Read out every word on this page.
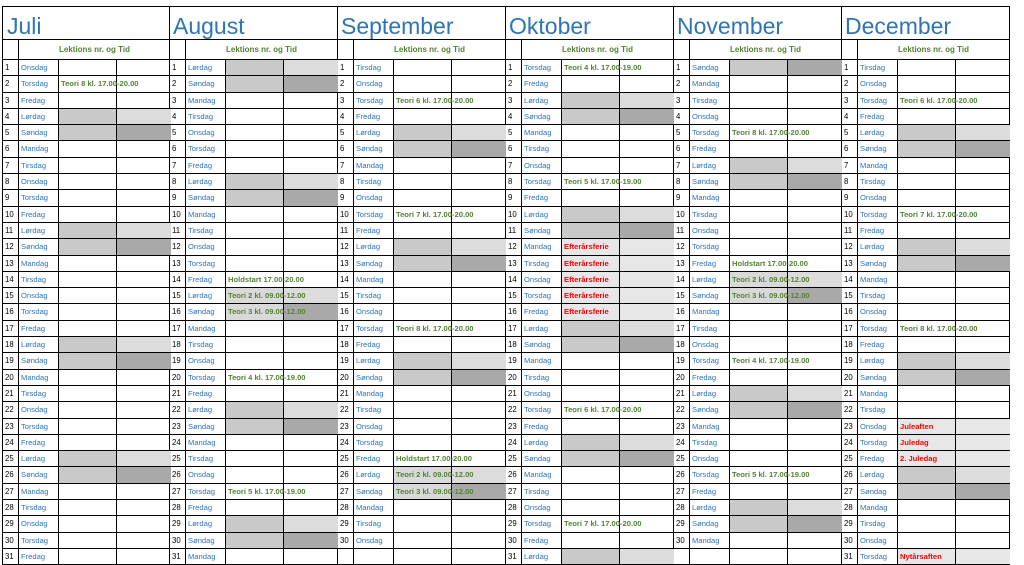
Juli
Lektions nr. og Tid
1	Onsdag
2	Torsdag	Teori 8 kl. 17.00-20.00
3	Fredag
4	Lørdag
5	Søndag
6	Mandag
7	Tirsdag
8	Onsdag
9	Torsdag
10 Fredag
11	Lørdag
12 Søndag
13 Mandag
14 Tirsdag
15 Onsdag
16 Torsdag
17 Fredag
18 Lørdag
19 Søndag
20 Mandag
21 Tirsdag
22 Onsdag
23 Torsdag
24 Fredag
25 Lørdag
26 Søndag
27 Mandag
28 Tirsdag
29 Onsdag
30 Torsdag
31 Fredag
August
Lektions nr. og Tid
1	Lørdag
2	Søndag
3	Mandag
4	Tirsdag
5	Onsdag
6	Torsdag
7	Fredag
8	Lørdag
9	Søndag
10 Mandag
11	Tirsdag
12 Onsdag
13 Torsdag
14 Fredag	Holdstart 17.00-20.00
15 Lørdag	Teori 2 kl. 09.00-12.00
16 Søndag	Teori 3 kl. 09.00-12.00
17 Mandag
18 Tirsdag
19 Onsdag
20 Torsdag	Teori 4 kl. 17.00-19.00
21 Fredag
22 Lørdag
23 Søndag
24 Mandag
25 Tirsdag
26 Onsdag
27 Torsdag	Teori 5 kl. 17.00-19.00
28 Fredag
29 Lørdag
30 Søndag
31 Mandag
September
Lektions nr. og Tid
1	Tirsdag
2	Onsdag
3	Torsdag	Teori 6 kl. 17.00-20.00
4	Fredag
5	Lørdag
6	Søndag
7	Mandag
8	Tirsdag
9	Onsdag
10 Torsdag	Teori 7 kl. 17.00-20.00
11	Fredag
12 Lørdag
13 Søndag
14 Mandag
15 Tirsdag
16 Onsdag
17 Torsdag	Teori 8 kl. 17.00-20.00
18 Fredag
19 Lørdag
20 Søndag
21 Mandag
22 Tirsdag
23 Onsdag
24 Torsdag
25 Fredag	Holdstart 17.00-20.00
26 Lørdag	Teori 2 kl. 09.00-12.00
27 Søndag	Teori 3 kl. 09.00-12.00
28 Mandag
29 Tirsdag
30 Onsdag
Oktober
Lektions nr. og Tid
1	Torsdag	Teori 4 kl. 17.00-19.00
2	Fredag
3	Lørdag
4	Søndag
5	Mandag
6	Tirsdag
7	Onsdag
8	Torsdag	Teori 5 kl. 17.00-19.00
9	Fredag
10 Lørdag
11	Søndag
12 Mandag	Efterårsferie
13 Tirsdag	Efterårsferie
14 Onsdag	Efterårsferie
15 Torsdag	Efterårsferie
16 Fredag	Efterårsferie
17 Lørdag
18 Søndag
19 Mandag
20 Tirsdag
21 Onsdag
22 Torsdag	Teori 6 kl. 17.00-20.00
23 Fredag
24 Lørdag
25 Søndag
26 Mandag
27 Tirsdag
28 Onsdag
29 Torsdag	Teori 7 kl. 17.00-20.00
30 Fredag
31 Lørdag
November
Lektions nr. og Tid
1	Søndag
2	Mandag
3	Tirsdag
4	Onsdag
5	Torsdag	Teori 8 kl. 17.00-20.00
6	Fredag
7	Lørdag
8	Søndag
9	Mandag
10 Tirsdag
11	Onsdag
12 Torsdag
13 Fredag	Holdstart 17.00-20.00
14 Lørdag	Teori 2 kl. 09.00-12.00
15 Søndag	Teori 3 kl. 09.00-12.00
16 Mandag
17 Tirsdag
18 Onsdag
19 Torsdag	Teori 4 kl. 17.00-19.00
20 Fredag
21 Lørdag
22 Søndag
23 Mandag
24 Tirsdag
25 Onsdag
26 Torsdag	Teori 5 kl. 17.00-19.00
27 Fredag
28 Lørdag
29 Søndag
30 Mandag
December
Lektions nr. og Tid
1	Tirsdag
2	Onsdag
3	Torsdag	Teori 6 kl. 17.00-20.00
4	Fredag
5	Lørdag
6	Søndag
7	Mandag
8	Tirsdag
9	Onsdag
10 Torsdag	Teori 7 kl. 17.00-20.00
11	Fredag
12 Lørdag
13 Søndag
14 Mandag
15 Tirsdag
16 Onsdag
17 Torsdag	Teori 8 kl. 17.00-20.00
18 Fredag
19 Lørdag
20 Søndag
21 Mandag
22 Tirsdag
23 Onsdag	Juleaften
24 Torsdag	Juledag
25 Fredag	2. Juledag
26 Lørdag
27 Søndag
28 Mandag
29 Tirsdag
30 Onsdag
31 Torsdag	Nytårsaften
